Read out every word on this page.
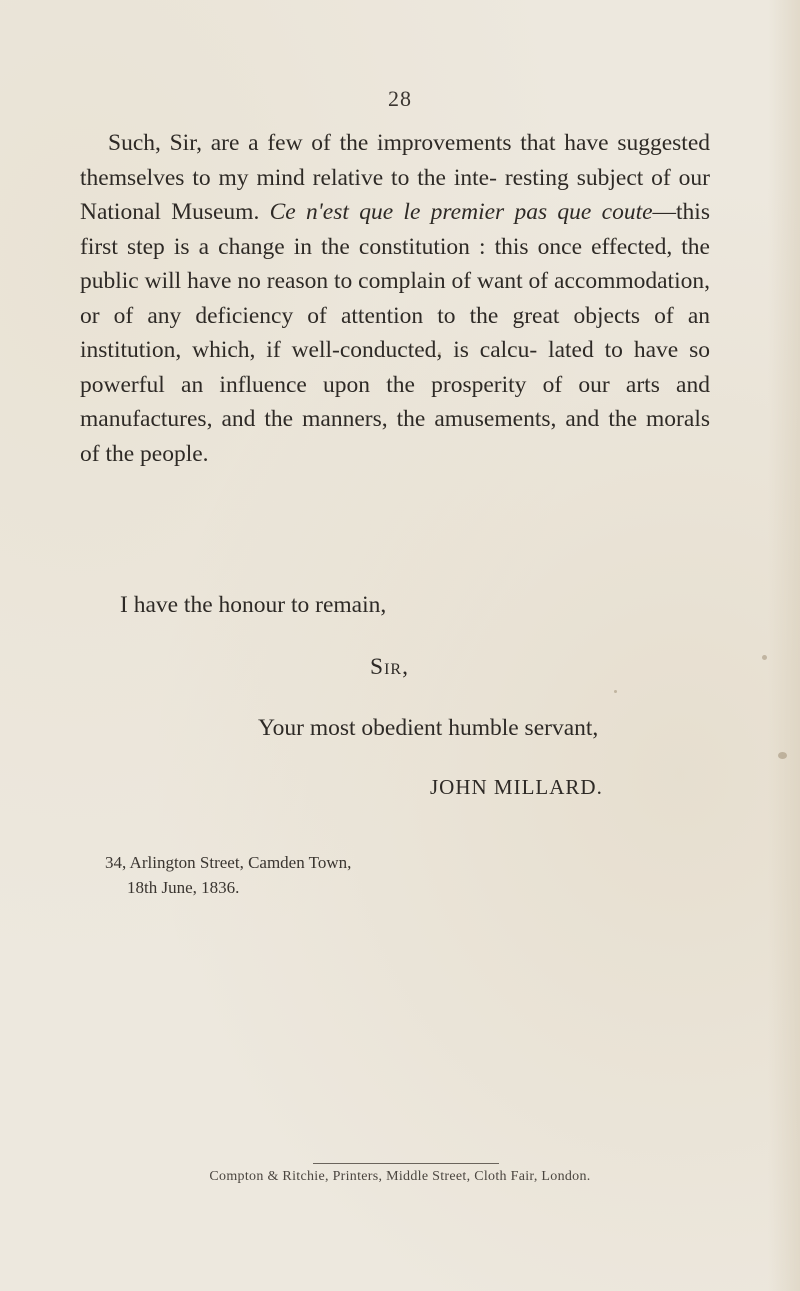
28

Such, Sir, are a few of the improvements that have suggested themselves to my mind relative to the inte- resting subject of our National Museum. Ce n'est que le premier pas que coute—this first step is a change in the constitution : this once effected, the public will have no reason to complain of want of accommodation, or of any deficiency of attention to the great objects of an institution, which, if well-conducted, is calcu- lated to have so powerful an influence upon the prosperity of our arts and manufactures, and the manners, the amusements, and the morals of the people.

I have the honour to remain,

Sir,

Your most obedient humble servant,

JOHN MILLARD.

34, Arlington Street, Camden Town,
18th June, 1836.

Compton & Ritchie, Printers, Middle Street, Cloth Fair, London.
